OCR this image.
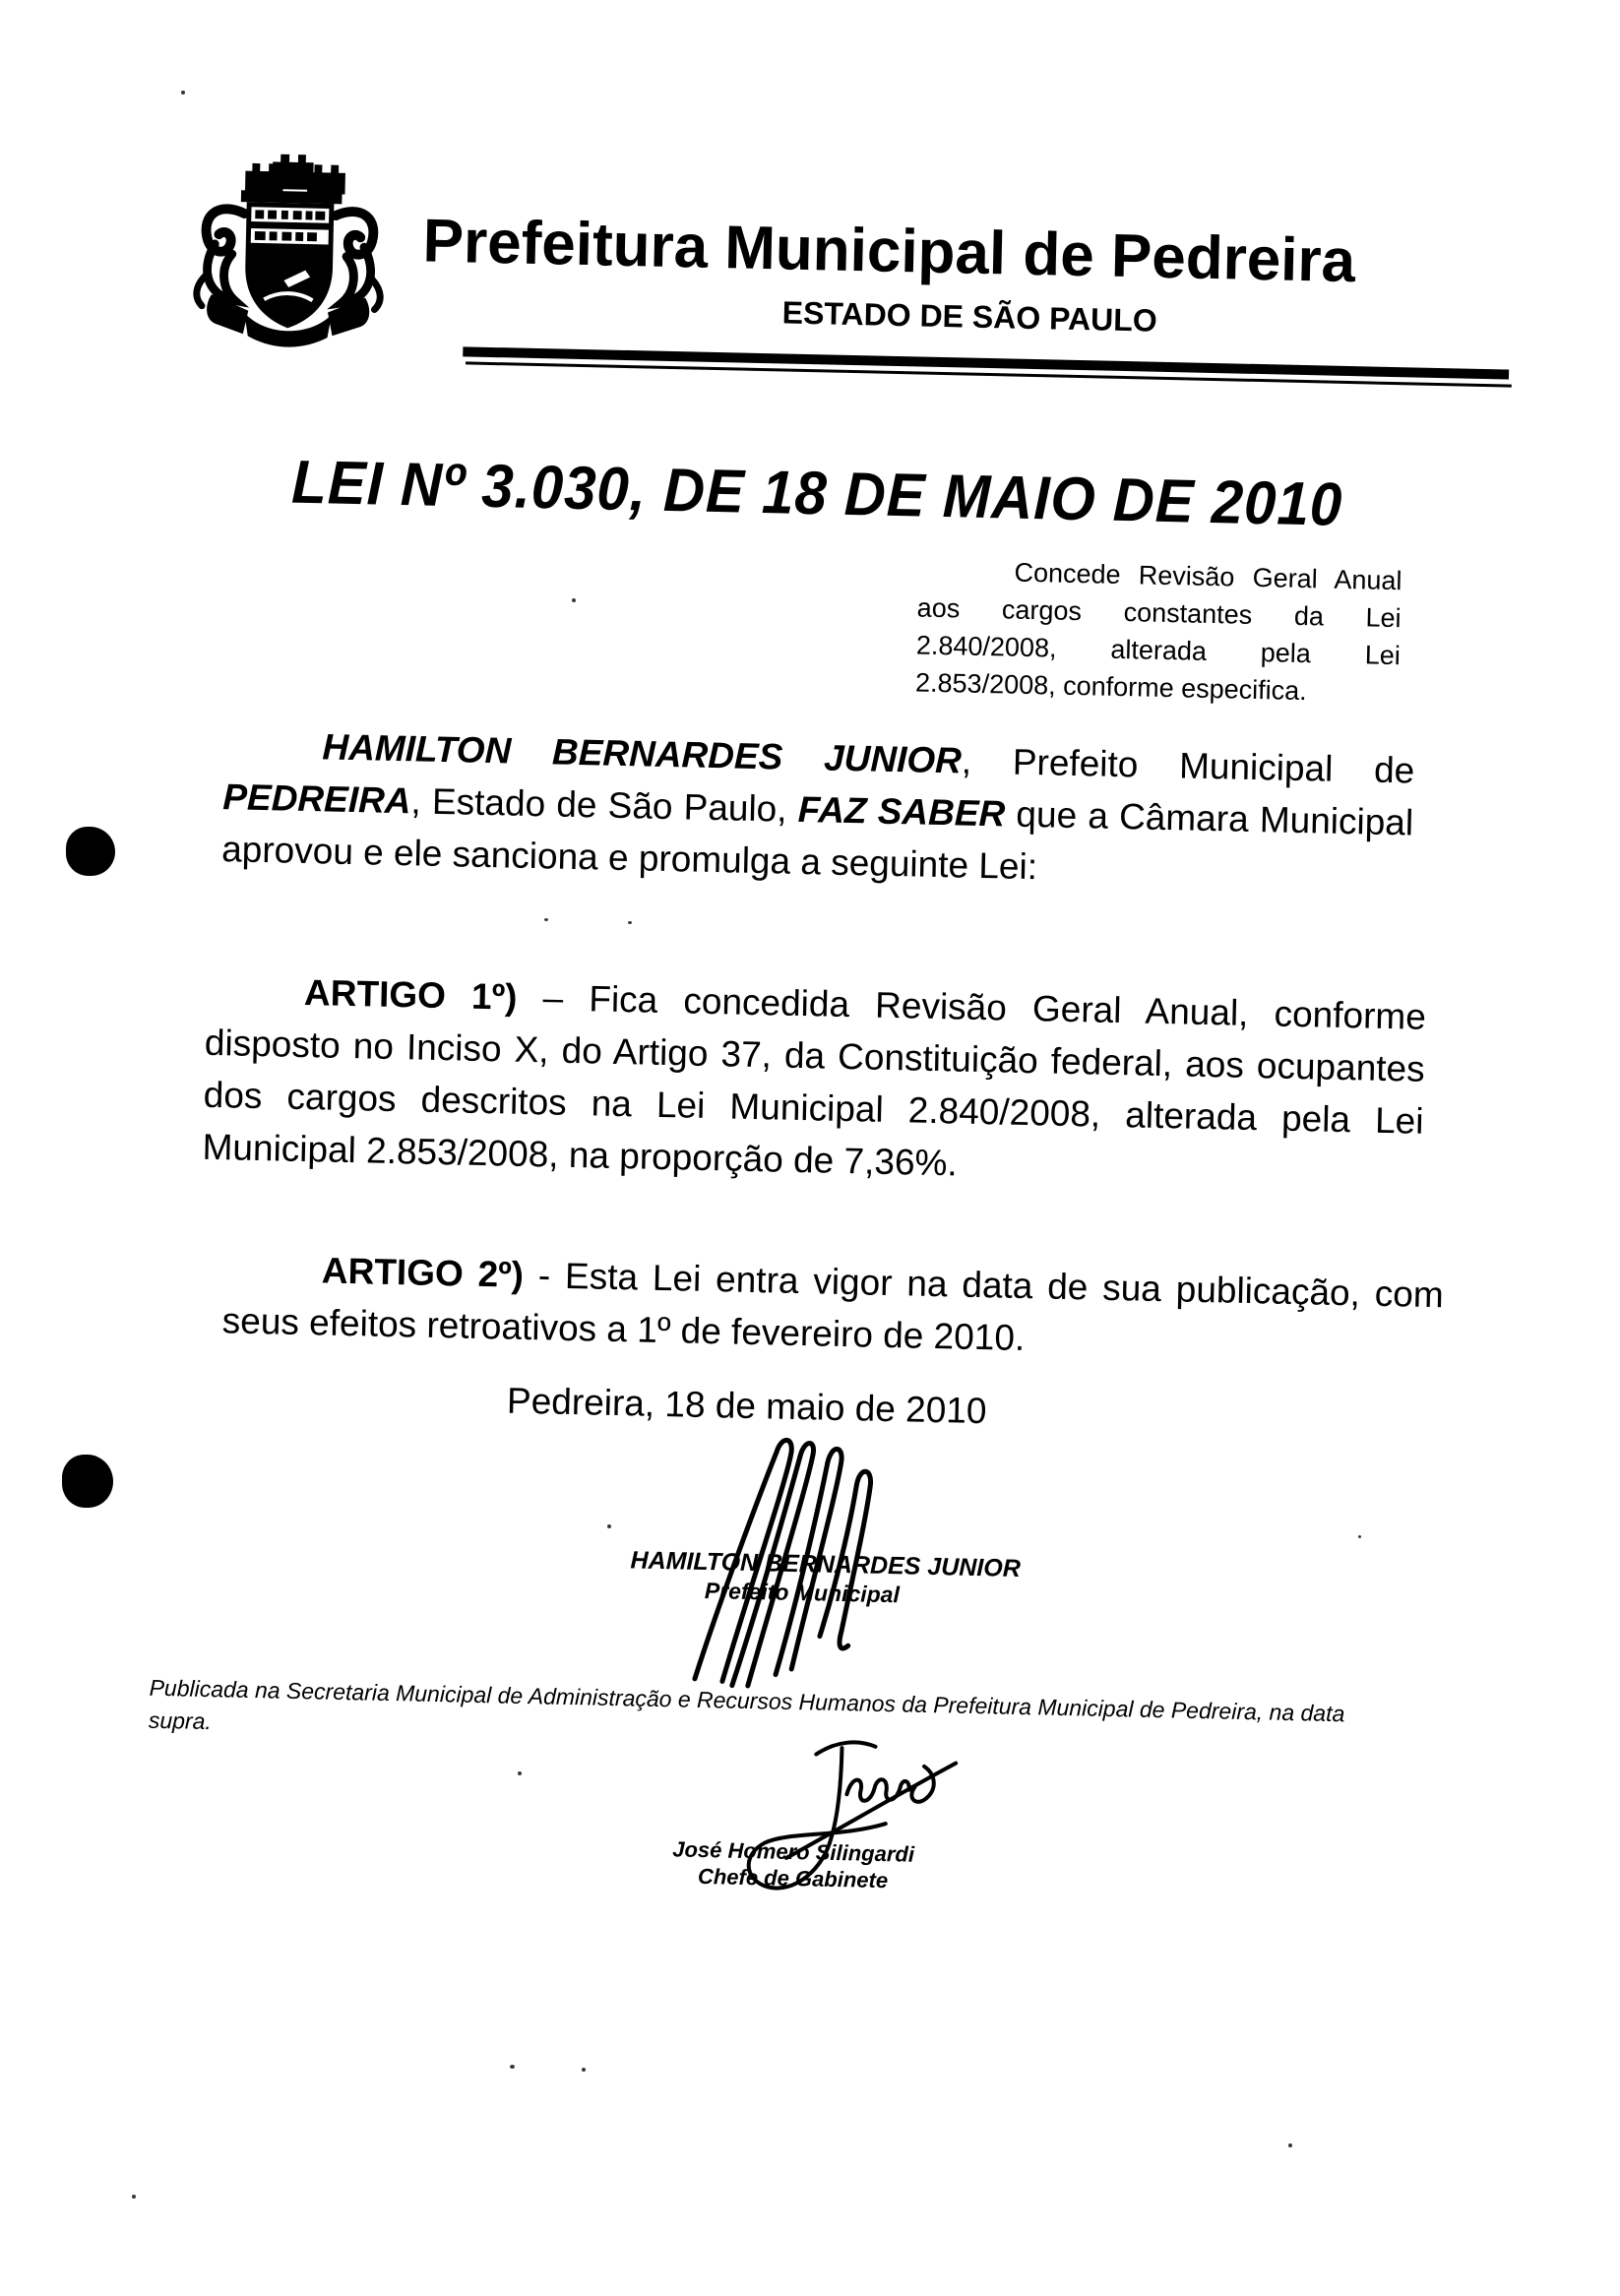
Prefeitura Municipal de Pedreira
ESTADO DE SÃO PAULO
LEI Nº 3.030, DE 18 DE MAIO DE 2010
Concede Revisão Geral Anual
aos cargos constantes da Lei
2.840/2008, alterada pela Lei
2.853/2008, conforme especifica.
HAMILTON BERNARDES JUNIOR, Prefeito Municipal de PEDREIRA, Estado de São Paulo, FAZ SABER que a Câmara Municipal aprovou e ele sanciona e promulga a seguinte Lei:
ARTIGO 1º) – Fica concedida Revisão Geral Anual, conforme disposto no Inciso X, do Artigo 37, da Constituição federal, aos ocupantes dos cargos descritos na Lei Municipal 2.840/2008, alterada pela Lei Municipal 2.853/2008, na proporção de 7,36%.
ARTIGO 2º) - Esta Lei entra vigor na data de sua publicação, com seus efeitos retroativos a 1º de fevereiro de 2010.
Pedreira, 18 de maio de 2010
HAMILTON BERNARDES JUNIOR
Prefeito Municipal
Publicada na Secretaria Municipal de Administração e Recursos Humanos da Prefeitura Municipal de Pedreira, na data supra.
José Homero Silingardi
Chefe de Gabinete
